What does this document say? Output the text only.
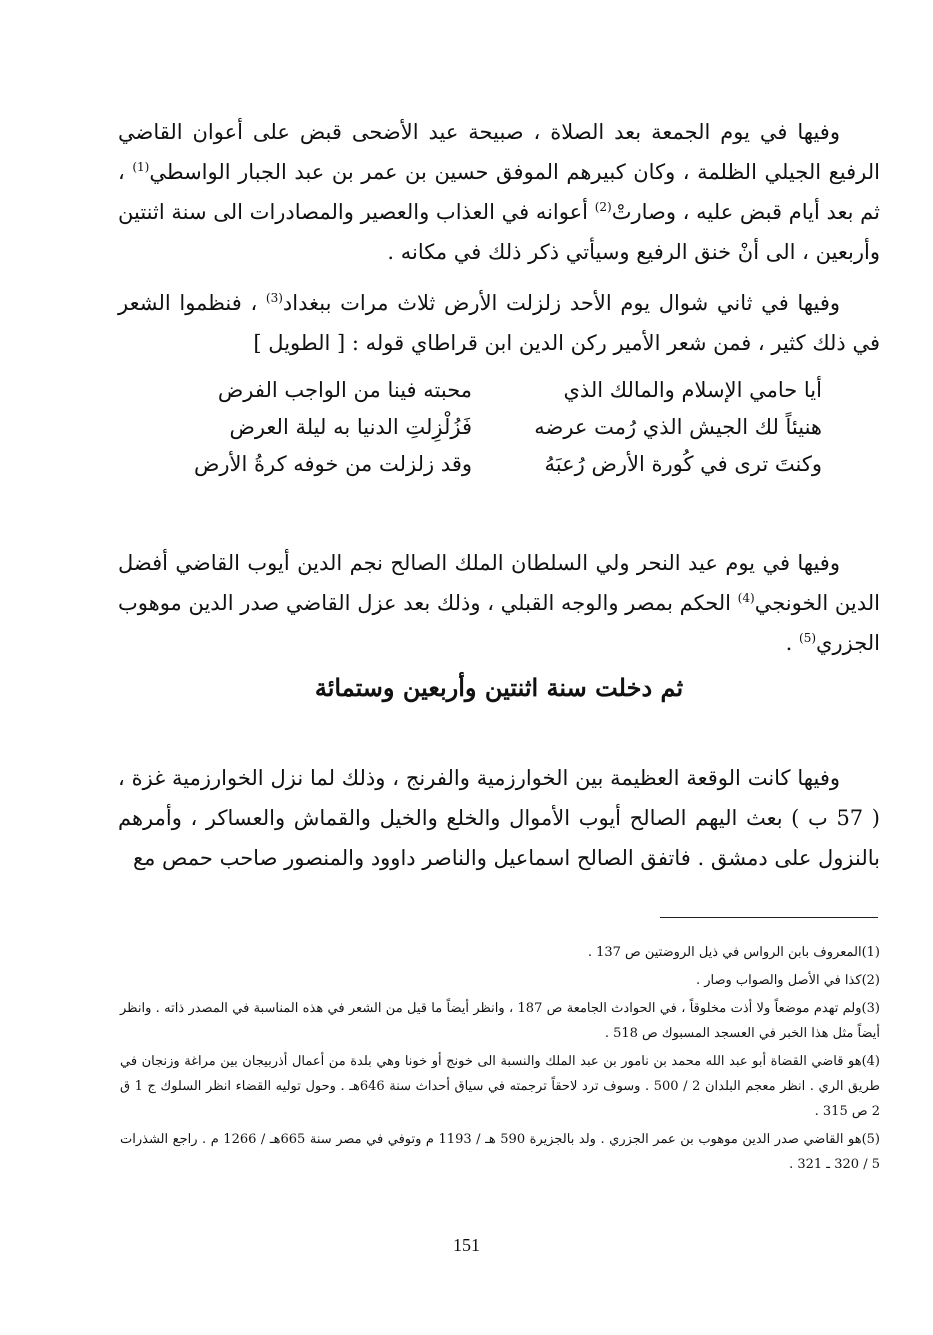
وفيها في يوم الجمعة بعد الصلاة ، صبيحة عيد الأضحى قبض على أعوان القاضي الرفيع الجيلي الظلمة ، وكان كبيرهم الموفق حسين بن عمر بن عبد الجبار الواسطي$^{(1)}$ ، ثم بعد أيام قبض عليه ، وصارتْ$^{(2)}$ أعوانه في العذاب والعصير والمصادرات الى سنة اثنتين وأربعين ، الى أنْ خنق الرفيع وسيأتي ذكر ذلك في مكانه .

وفيها في ثاني شوال يوم الأحد زلزلت الأرض ثلاث مرات ببغداد$^{(3)}$ ، فنظموا الشعر في ذلك كثير ، فمن شعر الأمير ركن الدين ابن قراطاي قوله : [ الطويل ]

أيا حامي الإسلام والمالك الذي
محبته فينا من الواجب الفرض
هنيئاً لك الجيش الذي رُمت عرضه
فَزُلْزِلتِ الدنيا به ليلة العرض
وكنتَ ترى في كُورة الأرض رُعبَهُ
وقد زلزلت من خوفه كرةُ الأرض

وفيها في يوم عيد النحر ولي السلطان الملك الصالح نجم الدين أيوب القاضي أفضل الدين الخونجي$^{(4)}$ الحكم بمصر والوجه القبلي ، وذلك بعد عزل القاضي صدر الدين موهوب الجزري$^{(5)}$ .

ثم دخلت سنة اثنتين وأربعين وستمائة

وفيها كانت الوقعة العظيمة بين الخوارزمية والفرنج ، وذلك لما نزل الخوارزمية غزة ، ( 57 ب ) بعث اليهم الصالح أيوب الأموال والخلع والخيل والقماش والعساكر ، وأمرهم بالنزول على دمشق . فاتفق الصالح اسماعيل والناصر داوود والمنصور صاحب حمص مع

(1)المعروف بابن الرواس في ذيل الروضتين ص 137 .

(2)كذا في الأصل والصواب وصار .

(3)ولم تهدم موضعاً ولا أذت مخلوقاً ، في الحوادث الجامعة ص 187 ، وانظر أيضاً ما قيل من الشعر في هذه المناسبة في المصدر ذاته . وانظر أيضاً مثل هذا الخبر في العسجد المسبوك ص 518 .

(4)هو قاضي القضاة أبو عبد الله محمد بن نامور بن عبد الملك والنسبة الى خونج أو خونا وهي بلدة من أعمال أذربيجان بين مراغة وزنجان في طريق الري . انظر معجم البلدان 2 / 500 . وسوف ترد لاحقاً ترجمته في سياق أحداث سنة 646هـ . وحول توليه القضاء انظر السلوك ج 1 ق 2 ص 315 .

(5)هو القاضي صدر الدين موهوب بن عمر الجزري . ولد بالجزيرة 590 هـ / 1193 م وتوفي في مصر سنة 665هـ / 1266 م . راجع الشذرات 5 / 320 ـ 321 .

151
